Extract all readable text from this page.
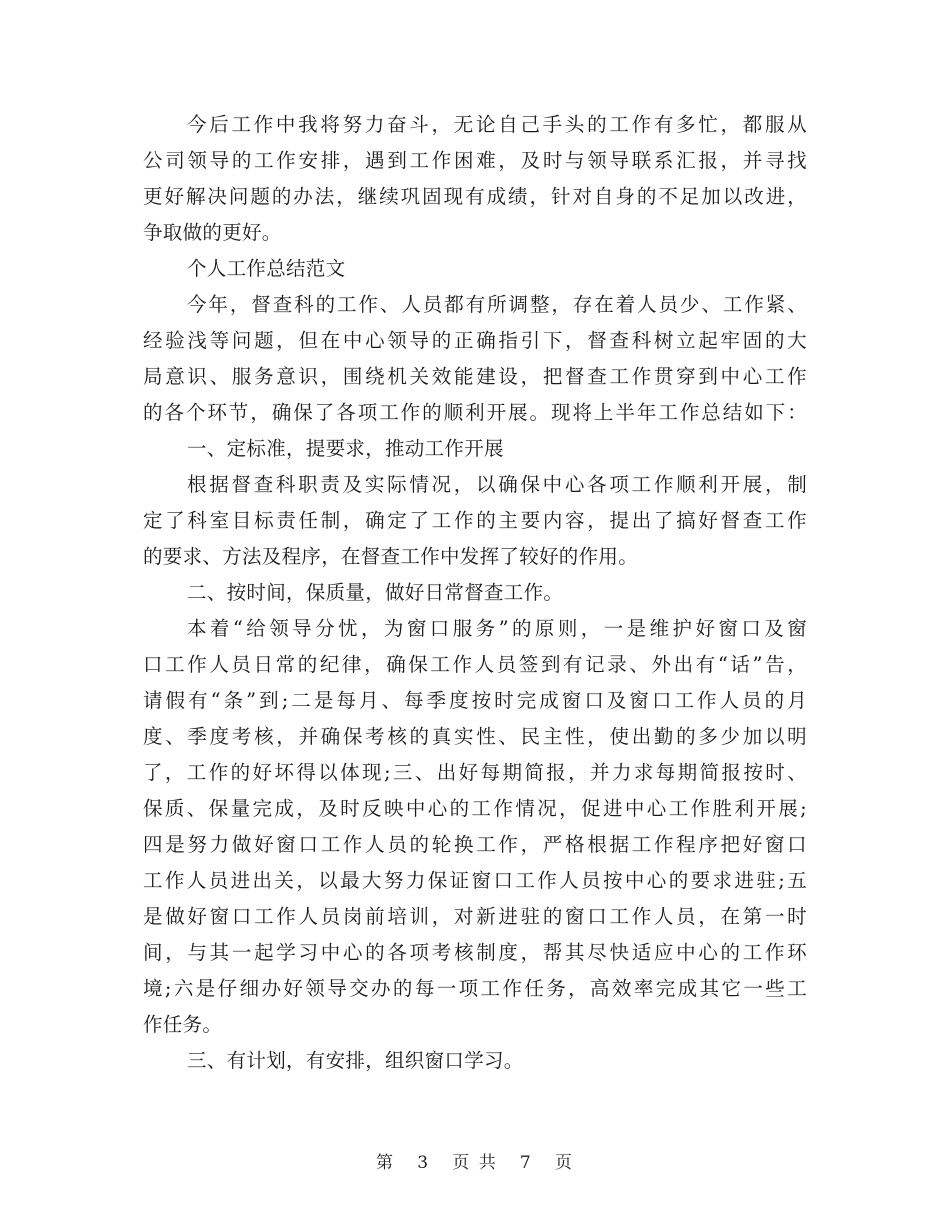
今后工作中我将努力奋斗，无论自己手头的工作有多忙，都服从
公司领导的工作安排，遇到工作困难，及时与领导联系汇报，并寻找
更好解决问题的办法，继续巩固现有成绩，针对自身的不足加以改进，
争取做的更好。
个人工作总结范文
今年，督查科的工作、人员都有所调整，存在着人员少、工作紧、
经验浅等问题，但在中心领导的正确指引下，督查科树立起牢固的大
局意识、服务意识，围绕机关效能建设，把督查工作贯穿到中心工作
的各个环节，确保了各项工作的顺利开展。现将上半年工作总结如下：
一、定标准，提要求，推动工作开展
根据督查科职责及实际情况，以确保中心各项工作顺利开展，制
定了科室目标责任制，确定了工作的主要内容，提出了搞好督查工作
的要求、方法及程序，在督查工作中发挥了较好的作用。
二、按时间，保质量，做好日常督查工作。
本着“给领导分忧，为窗口服务”的原则，一是维护好窗口及窗
口工作人员日常的纪律，确保工作人员签到有记录、外出有“话”告，
请假有“条”到;二是每月、每季度按时完成窗口及窗口工作人员的月
度、季度考核，并确保考核的真实性、民主性，使出勤的多少加以明
了，工作的好坏得以体现;三、出好每期简报，并力求每期简报按时、
保质、保量完成，及时反映中心的工作情况，促进中心工作胜利开展;
四是努力做好窗口工作人员的轮换工作，严格根据工作程序把好窗口
工作人员进出关，以最大努力保证窗口工作人员按中心的要求进驻;五
是做好窗口工作人员岗前培训，对新进驻的窗口工作人员，在第一时
间，与其一起学习中心的各项考核制度，帮其尽快适应中心的工作环
境;六是仔细办好领导交办的每一项工作任务，高效率完成其它一些工
作任务。
三、有计划，有安排，组织窗口学习。
第 3 页 共 7 页
